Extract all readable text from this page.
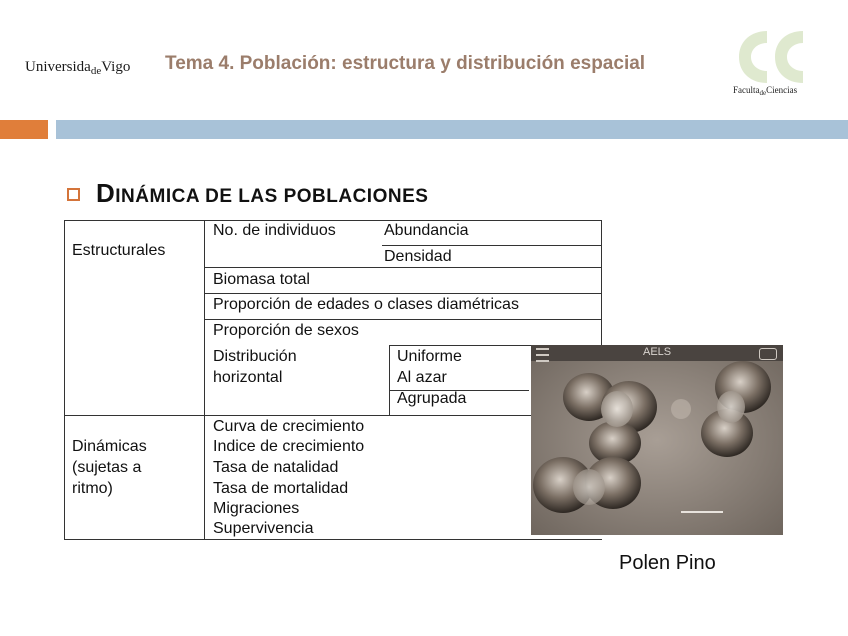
Universida$_{de}$Vigo Tema 4. Población: estructura y distribución espacial
Faculta$_{de}$Ciencias
DINÁMICA DE LAS POBLACIONES
Estructurales
No. de individuos	Abundancia
Densidad
Biomasa total
Proporción de edades o clases diamétricas
Proporción de sexos
Distribución
horizontal
Uniforme
Al azar
Agrupada
Dinámicas
(sujetas a
ritmo)
Curva de crecimiento
Indice de crecimiento
Tasa de natalidad
Tasa de mortalidad
Migraciones
Supervivencia
AELS
Polen Pino
